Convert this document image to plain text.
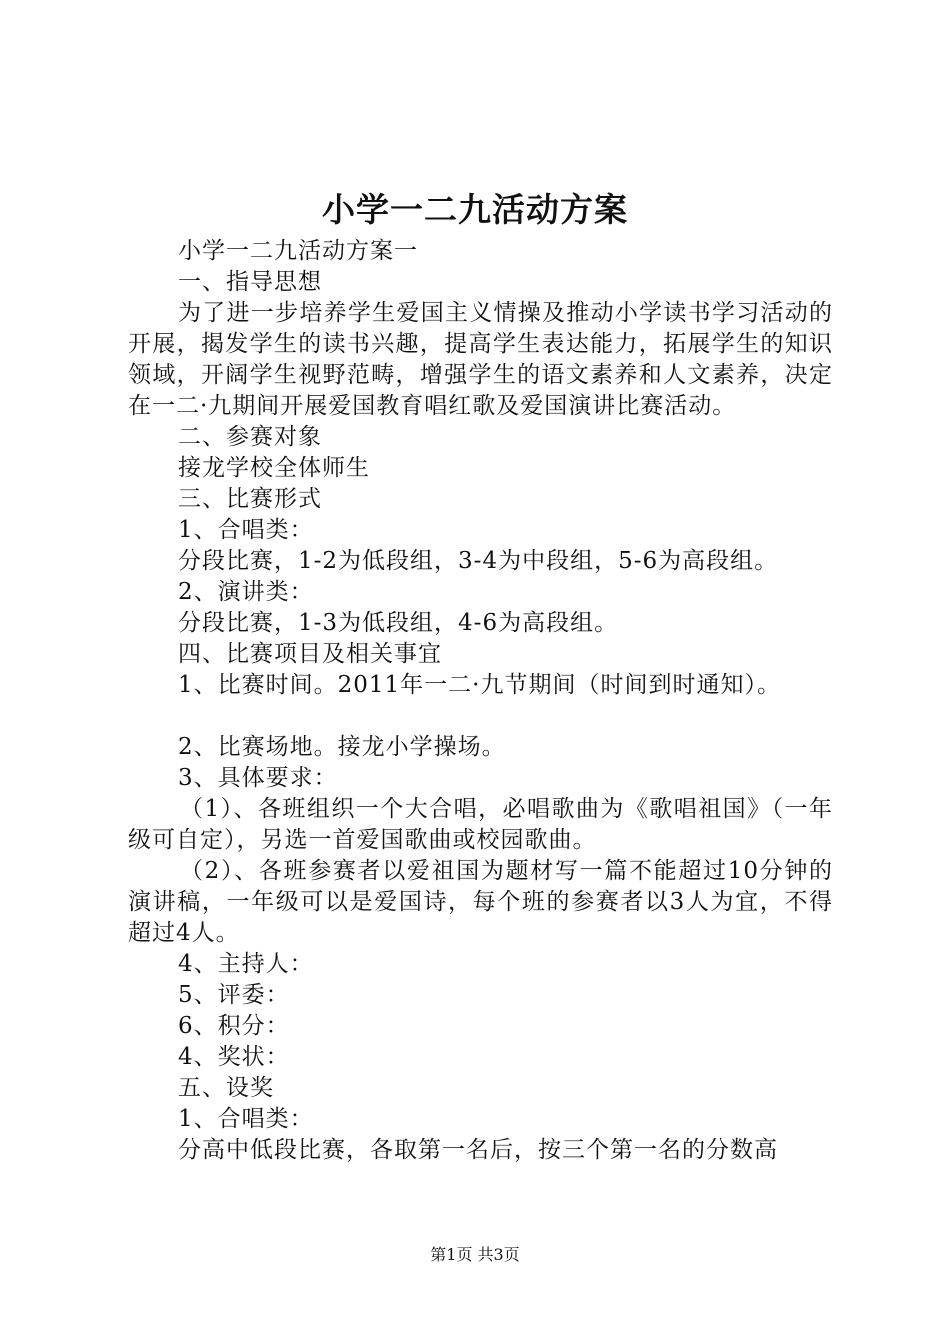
小学一二九活动方案

小学一二九活动方案一

一、指导思想

为了进一步培养学生爱国主义情操及推动小学读书学习活动的开展，揭发学生的读书兴趣，提高学生表达能力，拓展学生的知识领域，开阔学生视野范畴，增强学生的语文素养和人文素养，决定在一二·九期间开展爱国教育唱红歌及爱国演讲比赛活动。

二、参赛对象

接龙学校全体师生

三、比赛形式

1、合唱类：

分段比赛，1-2为低段组，3-4为中段组，5-6为高段组。

2、演讲类：

分段比赛，1-3为低段组，4-6为高段组。

四、比赛项目及相关事宜

1、比赛时间。2011年一二·九节期间（时间到时通知）。

2、比赛场地。接龙小学操场。

3、具体要求：

（1）、各班组织一个大合唱，必唱歌曲为《歌唱祖国》（一年级可自定），另选一首爱国歌曲或校园歌曲。

（2）、各班参赛者以爱祖国为题材写一篇不能超过10分钟的演讲稿，一年级可以是爱国诗，每个班的参赛者以3人为宜，不得超过4人。

4、主持人：

5、评委：

6、积分：

4、奖状：

五、设奖

1、合唱类：

分高中低段比赛，各取第一名后，按三个第一名的分数高

第1页 共3页
